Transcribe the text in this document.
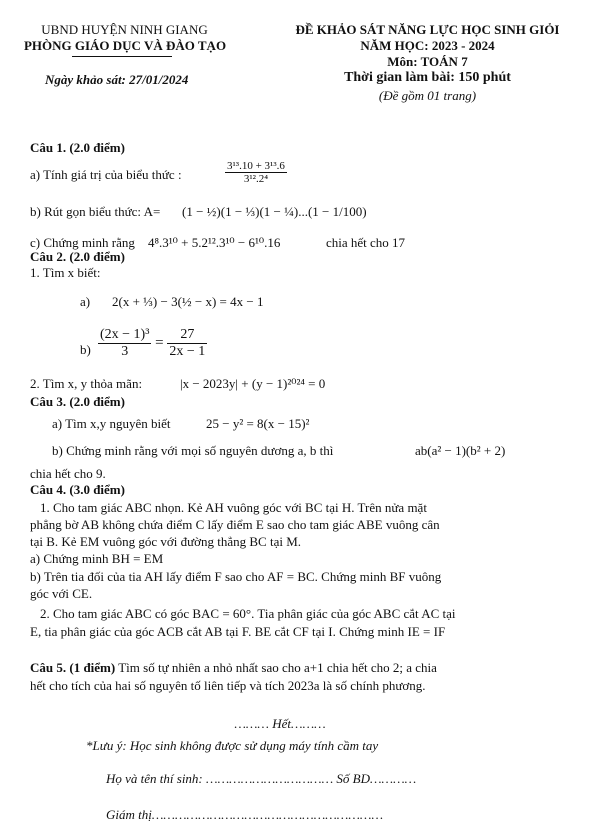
UBND HUYỆN NINH GIANG
PHÒNG GIÁO DỤC VÀ ĐÀO TẠO
Ngày khảo sát: 27/01/2024
ĐỀ KHẢO SÁT NĂNG LỰC HỌC SINH GIỎI
NĂM HỌC: 2023 - 2024
Môn: TOÁN 7
Thời gian làm bài: 150 phút
(Đề gồm 01 trang)
Câu 1. (2.0 điểm)
a) Tính giá trị của biểu thức :	$\frac{\text{3¹³.10 + 3¹³.6}}{\text{3¹².2⁴}}$
b) Rút gọn biểu thức: A= (1 − ½)(1 − ⅓)(1 − ¼)...(1 − 1/100)
c) Chứng minh rằng 4⁸.3¹⁰ + 5.2¹².3¹⁰ − 6¹⁰.16	chia hết cho 17
Câu 2. (2.0 điểm)
1. Tìm x biết:
a) 2(x + ⅓) − 3(½ − x) = 4x − 1
$b) \frac{\text{(2x − 1)³}}{3} = \frac{27}{2x - 1}$
2. Tìm x, y thỏa mãn:	|x − 2023y| + (y − 1)²⁰²⁴ = 0
Câu 3. (2.0 điểm)
a) Tìm x,y nguyên biết	25 − y² = 8(x − 15)²
b) Chứng minh rằng với mọi số nguyên dương a, b thì	ab(a² − 1)(b² + 2)
chia hết cho 9.
Câu 4. (3.0 điểm)
1. Cho tam giác ABC nhọn. Kẻ AH vuông góc với BC tại H. Trên nửa mặt
phẳng bờ AB không chứa điểm C lấy điểm E sao cho tam giác ABE vuông cân
tại B. Kẻ EM vuông góc với đường thẳng BC tại M.
a) Chứng minh BH = EM
b) Trên tia đối của tia AH lấy điểm F sao cho AF = BC. Chứng minh BF vuông
góc với CE.
2. Cho tam giác ABC có góc BAC = 60°. Tia phân giác của góc ABC cắt AC tại
E, tia phân giác của góc ACB cắt AB tại F. BE cắt CF tại I. Chứng minh IE = IF
Câu 5. (1 điểm) Tìm số tự nhiên a nhỏ nhất sao cho a+1 chia hết cho 2; a chia
hết cho tích của hai số nguyên tố liên tiếp và tích 2023a là số chính phương.
……… Hết………
*Lưu ý: Học sinh không được sử dụng máy tính cầm tay
Họ và tên thí sinh: …………………………… Số BD…………
Giám thị……………………………………………………
